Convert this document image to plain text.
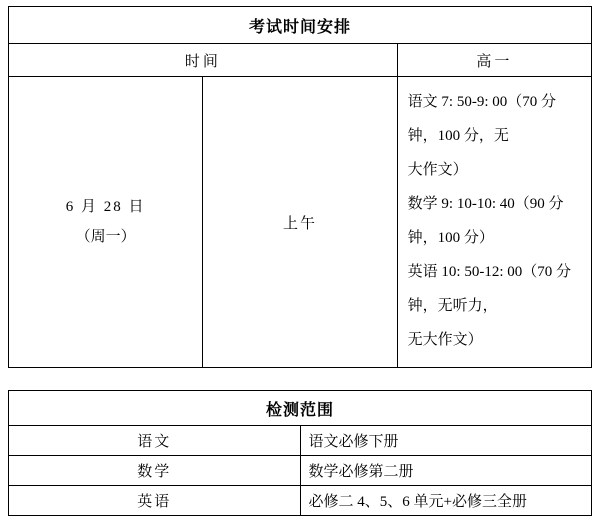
考试时间安排		
时间		高一

6 月 28 日
（周一）	上午	语文 7: 50-9: 00（70 分钟，100 分，无
大作文）
数学 9: 10-10: 40（90 分钟，100 分）
英语 10: 50-12: 00（70 分钟，无听力，
无大作文）
检测范围	
语文	语文必修下册
数学	数学必修第二册
英语	必修二 4、5、6 单元+必修三全册
